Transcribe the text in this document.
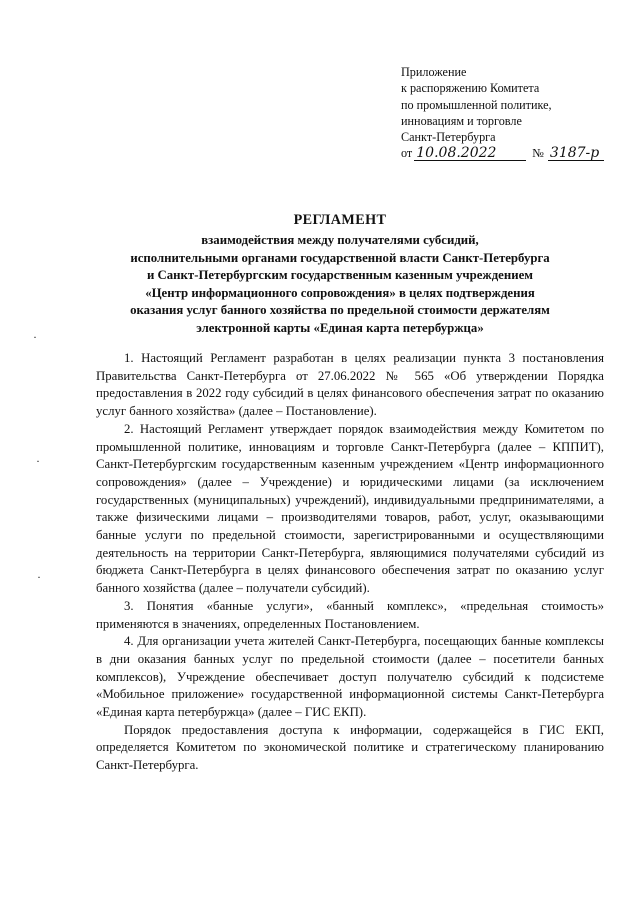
Приложение
к распоряжению Комитета
по промышленной политике,
инновациям и торговле
Санкт-Петербурга
от 10.08.2022	№ 3187-р
РЕГЛАМЕНТ
взаимодействия между получателями субсидий,
исполнительными органами государственной власти Санкт-Петербурга
и Санкт-Петербургским государственным казенным учреждением
«Центр информационного сопровождения» в целях подтверждения
оказания услуг банного хозяйства по предельной стоимости держателям
электронной карты «Единая карта петербуржца»
·
·
·

1. Настоящий Регламент разработан в целях реализации пункта 3 постановления Правительства Санкт-Петербурга от 27.06.2022 № 565 «Об утверждении Порядка предоставления в 2022 году субсидий в целях финансового обеспечения затрат по оказанию услуг банного хозяйства» (далее – Постановление).

2. Настоящий Регламент утверждает порядок взаимодействия между Комитетом по промышленной политике, инновациям и торговле Санкт-Петербурга (далее – КППИТ), Санкт-Петербургским государственным казенным учреждением «Центр информационного сопровождения» (далее – Учреждение) и юридическими лицами (за исключением государственных (муниципальных) учреждений), индивидуальными предпринимателями, а также физическими лицами – производителями товаров, работ, услуг, оказывающими банные услуги по предельной стоимости, зарегистрированными и осуществляющими деятельность на территории Санкт-Петербурга, являющимися получателями субсидий из бюджета Санкт-Петербурга в целях финансового обеспечения затрат по оказанию услуг банного хозяйства (далее – получатели субсидий).

3. Понятия «банные услуги», «банный комплекс», «предельная стоимость» применяются в значениях, определенных Постановлением.

4. Для организации учета жителей Санкт-Петербурга, посещающих банные комплексы в дни оказания банных услуг по предельной стоимости (далее – посетители банных комплексов), Учреждение обеспечивает доступ получателю субсидий к подсистеме «Мобильное приложение» государственной информационной системы Санкт-Петербурга «Единая карта петербуржца» (далее – ГИС ЕКП).

Порядок предоставления доступа к информации, содержащейся в ГИС ЕКП, определяется Комитетом по экономической политике и стратегическому планированию Санкт-Петербурга.
